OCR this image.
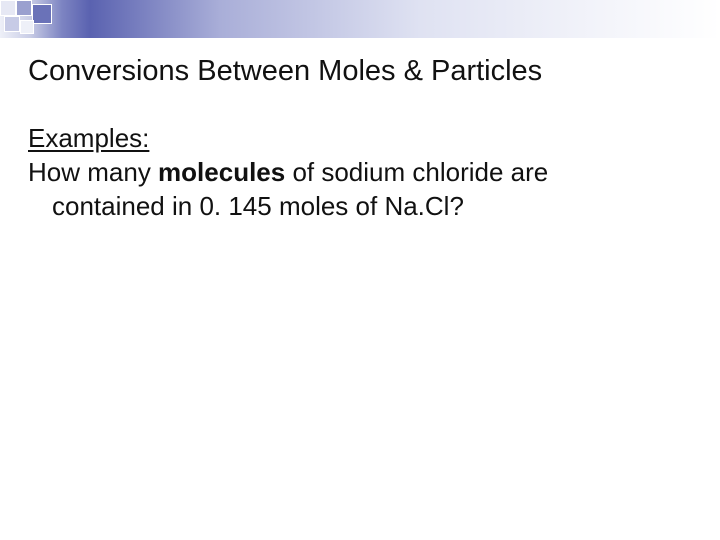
Conversions Between Moles & Particles
Examples:
How many molecules of sodium chloride are
contained in 0. 145 moles of Na.Cl?
